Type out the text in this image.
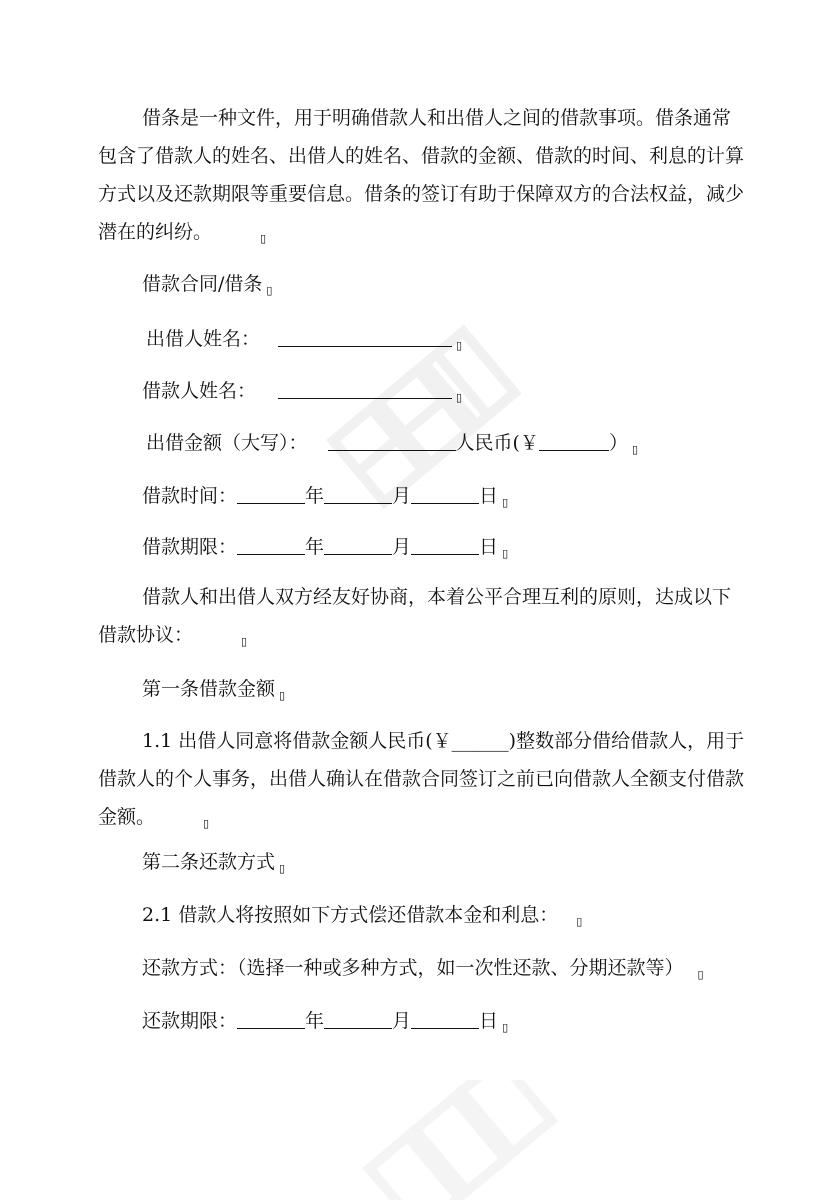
借条是一种文件，用于明确借款人和出借人之间的借款事项。借条通常包含了借款人的姓名、出借人的姓名、借款的金额、借款的时间、利息的计算方式以及还款期限等重要信息。借条的签订有助于保障双方的合法权益，减少潜在的纠纷。	▯
借款合同/借条 ▯
出借人姓名：	▯
借款人姓名：	▯
出借金额（大写）：	人民币(￥	） ▯
借款时间：	年	月	日 ▯
借款期限：	年	月	日 ▯
借款人和出借人双方经友好协商，本着公平合理互利的原则，达成以下借款协议：	▯
第一条借款金额 ▯
1.1 出借人同意将借款金额人民币(￥______)整数部分借给借款人，用于借款人的个人事务，出借人确认在借款合同签订之前已向借款人全额支付借款金额。	▯
第二条还款方式 ▯
2.1 借款人将按照如下方式偿还借款本金和利息： ▯
还款方式：（选择一种或多种方式，如一次性还款、分期还款等） ▯
还款期限：	年	月	日 ▯
